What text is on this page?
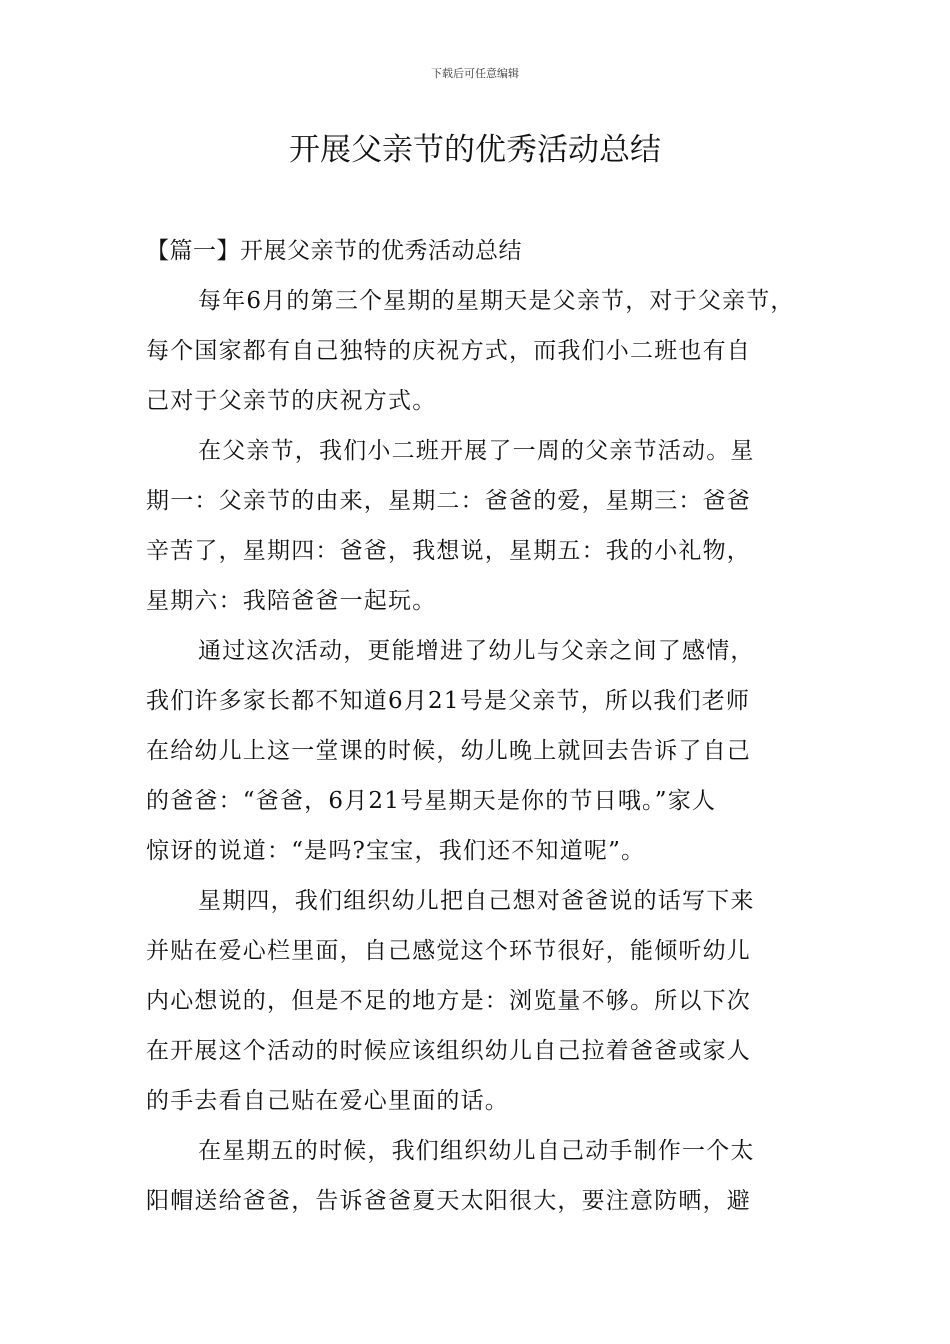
下载后可任意编辑
开展父亲节的优秀活动总结

【篇一】开展父亲节的优秀活动总结

每年6月的第三个星期的星期天是父亲节，对于父亲节，
每个国家都有自己独特的庆祝方式，而我们小二班也有自
己对于父亲节的庆祝方式。

在父亲节，我们小二班开展了一周的父亲节活动。星
期一：父亲节的由来，星期二：爸爸的爱，星期三：爸爸
辛苦了，星期四：爸爸，我想说，星期五：我的小礼物，
星期六：我陪爸爸一起玩。

通过这次活动，更能增进了幼儿与父亲之间了感情，
我们许多家长都不知道6月21号是父亲节，所以我们老师
在给幼儿上这一堂课的时候，幼儿晚上就回去告诉了自己
的爸爸：“爸爸，6月21号星期天是你的节日哦。”家人
惊讶的说道：“是吗?宝宝，我们还不知道呢”。

星期四，我们组织幼儿把自己想对爸爸说的话写下来
并贴在爱心栏里面，自己感觉这个环节很好，能倾听幼儿
内心想说的，但是不足的地方是：浏览量不够。所以下次
在开展这个活动的时候应该组织幼儿自己拉着爸爸或家人
的手去看自己贴在爱心里面的话。

在星期五的时候，我们组织幼儿自己动手制作一个太
阳帽送给爸爸，告诉爸爸夏天太阳很大，要注意防晒，避
